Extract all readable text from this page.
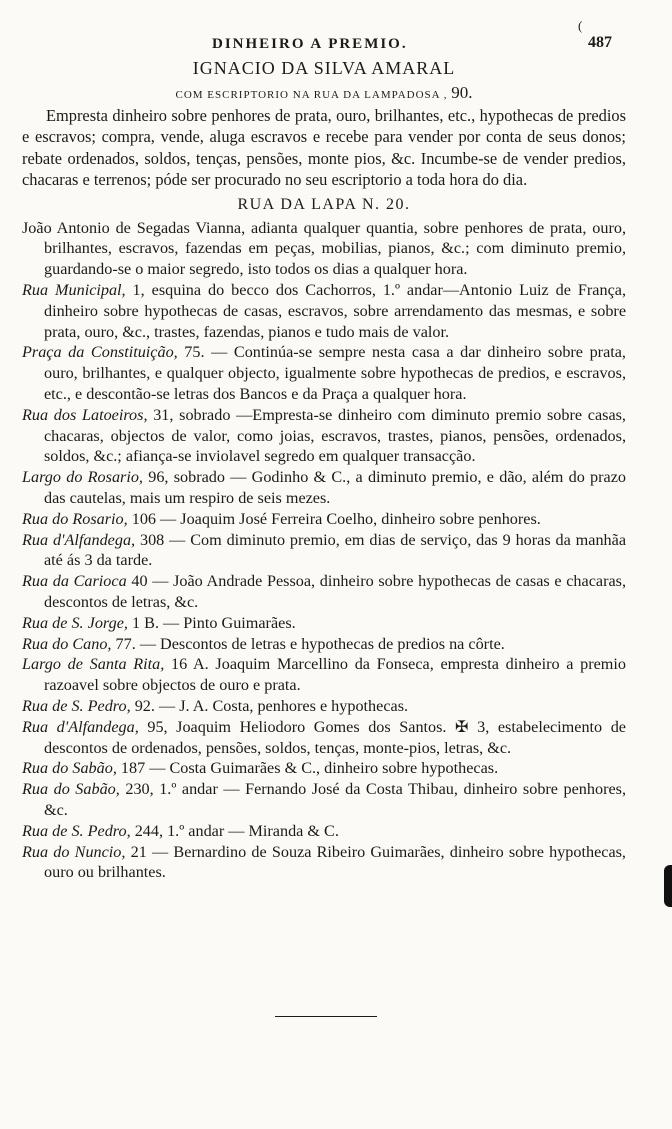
(
DINHEIRO A PREMIO.	487
IGNACIO DA SILVA AMARAL
COM ESCRIPTORIO NA RUA DA LAMPADOSA , 90.

Empresta dinheiro sobre penhores de prata, ouro, brilhantes, etc., hypothecas de predios e escravos; compra, vende, aluga escravos e recebe para vender por conta de seus donos; rebate ordenados, soldos, tenças, pensões, monte pios, &c. Incumbe-se de vender predios, chacaras e terrenos; póde ser procurado no seu escriptorio a toda hora do dia.

RUA DA LAPA N. 20.

João Antonio de Segadas Vianna, adianta qualquer quantia, sobre penhores de prata, ouro, brilhantes, escravos, fazendas em peças, mobilias, pianos, &c.; com diminuto premio, guardando-se o maior segredo, isto todos os dias a qualquer hora.

Rua Municipal, 1, esquina do becco dos Cachorros, 1.º andar—Antonio Luiz de França, dinheiro sobre hypothecas de casas, escravos, sobre arrendamento das mesmas, e sobre prata, ouro, &c., trastes, fazendas, pianos e tudo mais de valor.

Praça da Constituição, 75. — Continúa-se sempre nesta casa a dar dinheiro sobre prata, ouro, brilhantes, e qualquer objecto, igualmente sobre hypothecas de predios, e escravos, etc., e descontão-se letras dos Bancos e da Praça a qualquer hora.

Rua dos Latoeiros, 31, sobrado —Empresta-se dinheiro com diminuto premio sobre casas, chacaras, objectos de valor, como joias, escravos, trastes, pianos, pensões, ordenados, soldos, &c.; afiança-se inviolavel segredo em qualquer transacção.

Largo do Rosario, 96, sobrado — Godinho & C., a diminuto premio, e dão, além do prazo das cautelas, mais um respiro de seis mezes.

Rua do Rosario, 106 — Joaquim José Ferreira Coelho, dinheiro sobre penhores.

Rua d'Alfandega, 308 — Com diminuto premio, em dias de serviço, das 9 horas da manhãa até ás 3 da tarde.

Rua da Carioca 40 — João Andrade Pessoa, dinheiro sobre hypothecas de casas e chacaras, descontos de letras, &c.

Rua de S. Jorge, 1 B. — Pinto Guimarães.

Rua do Cano, 77. — Descontos de letras e hypothecas de predios na côrte.

Largo de Santa Rita, 16 A. Joaquim Marcellino da Fonseca, empresta dinheiro a premio razoavel sobre objectos de ouro e prata.

Rua de S. Pedro, 92. — J. A. Costa, penhores e hypothecas.

Rua d'Alfandega, 95, Joaquim Heliodoro Gomes dos Santos. ✠ 3, estabelecimento de descontos de ordenados, pensões, soldos, tenças, monte-pios, letras, &c.

Rua do Sabão, 187 — Costa Guimarães & C., dinheiro sobre hypothecas.

Rua do Sabão, 230, 1.º andar — Fernando José da Costa Thibau, dinheiro sobre penhores, &c.

Rua de S. Pedro, 244, 1.º andar — Miranda & C.

Rua do Nuncio, 21 — Bernardino de Souza Ribeiro Guimarães, dinheiro sobre hypothecas, ouro ou brilhantes.
